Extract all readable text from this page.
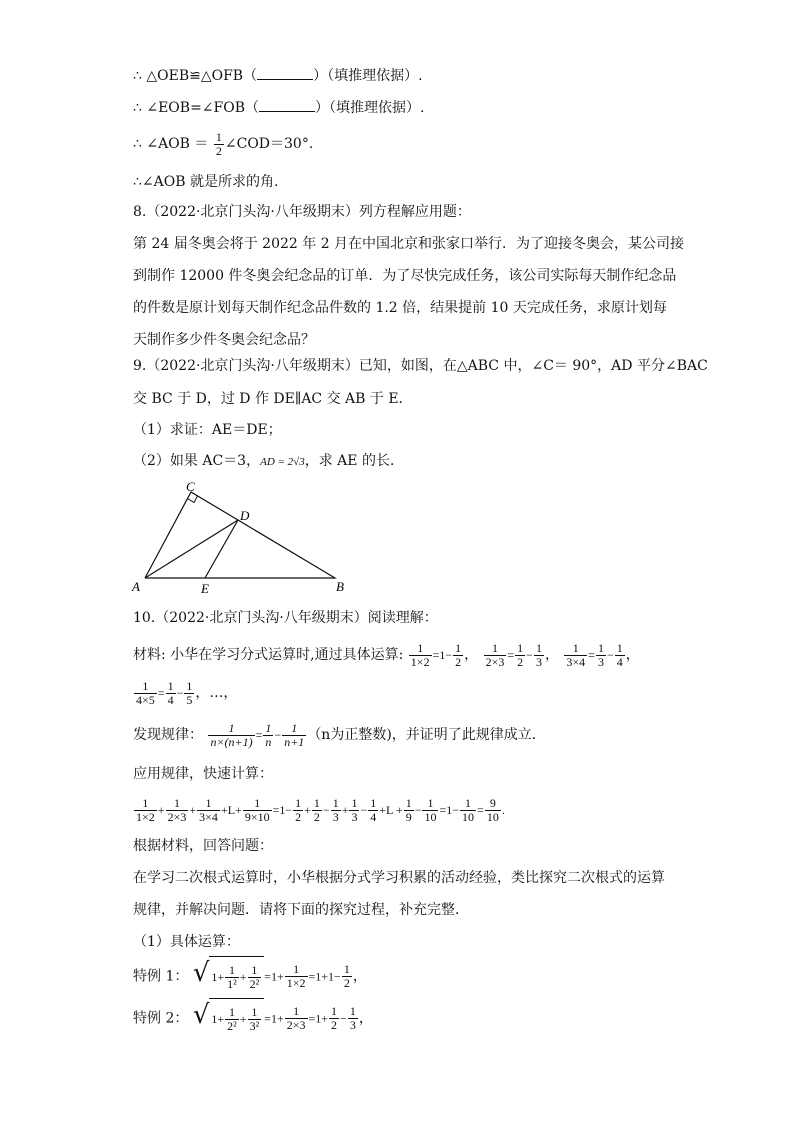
∴ △OEB≌△OFB（	）（填推理依据）.
∴ ∠EOB=∠FOB（	）（填推理依据）.
∴ ∠AOB ＝ $\frac{1}{2}$ ∠COD＝30°.
∴∠AOB 就是所求的角.
8.（2022·北京门头沟·八年级期末）列方程解应用题：
第 24 届冬奥会将于 2022 年 2 月在中国北京和张家口举行．为了迎接冬奥会，某公司接
到制作 12000 件冬奥会纪念品的订单．为了尽快完成任务，该公司实际每天制作纪念品
的件数是原计划每天制作纪念品件数的 1.2 倍，结果提前 10 天完成任务，求原计划每
天制作多少件冬奥会纪念品？
9.（2022·北京门头沟·八年级期末）已知，如图，在△ABC 中，∠C＝ 90°，AD 平分∠BAC
交 BC 于 D，过 D 作 DE∥AC 交 AB 于 E．
（1）求证：AE＝DE；
（2）如果 AC＝3，AD = 2√3，求 AE 的长．
C
D
A	E	B
10.（2022·北京门头沟·八年级期末）阅读理解：
材料: 小华在学习分式运算时,通过具体运算: $\frac{1}{1\times 2} =1- \frac{1}{2}$ ， $\frac{1}{2\times 3} = \frac{1}{2} - \frac{1}{3}$ ， $\frac{1}{3\times 4} = \frac{1}{3} - \frac{1}{4}$ ，
$\frac{1}{4\times 5} = \frac{1}{4} - \frac{1}{5}$ ，…，
发现规律： $\frac{1}{n\times(n+1)} = \frac{1}{n} - \frac{1}{n+1} (n$为正整数)，并证明了此规律成立．
应用规律，快速计算：
$\frac{1}{1\times 2} + \frac{1}{2\times 3} + \frac{1}{3\times 4} +L+ \frac{1}{9\times 10} =1- \frac{1}{2} + \frac{1}{2} - \frac{1}{3} + \frac{1}{3} - \frac{1}{4} +L + \frac{1}{9} - \frac{1}{10} =1- \frac{1}{10} = \frac{9}{10}$ .
根据材料，回答问题：
在学习二次根式运算时，小华根据分式学习积累的活动经验，类比探究二次根式的运算
规律，并解决问题．请将下面的探究过程，补充完整．
（1）具体运算：
特例 1： √ $1+ \frac{1}{\text{1²}} + \frac{1}{\text{2²}} =1+ \frac{1}{1\times 2} =1+1- \frac{1}{2}$ ，
特例 2： √ $1+ \frac{1}{\text{2²}} + \frac{1}{\text{3²}} =1+ \frac{1}{2\times 3} =1+ \frac{1}{2} - \frac{1}{3}$ ，
